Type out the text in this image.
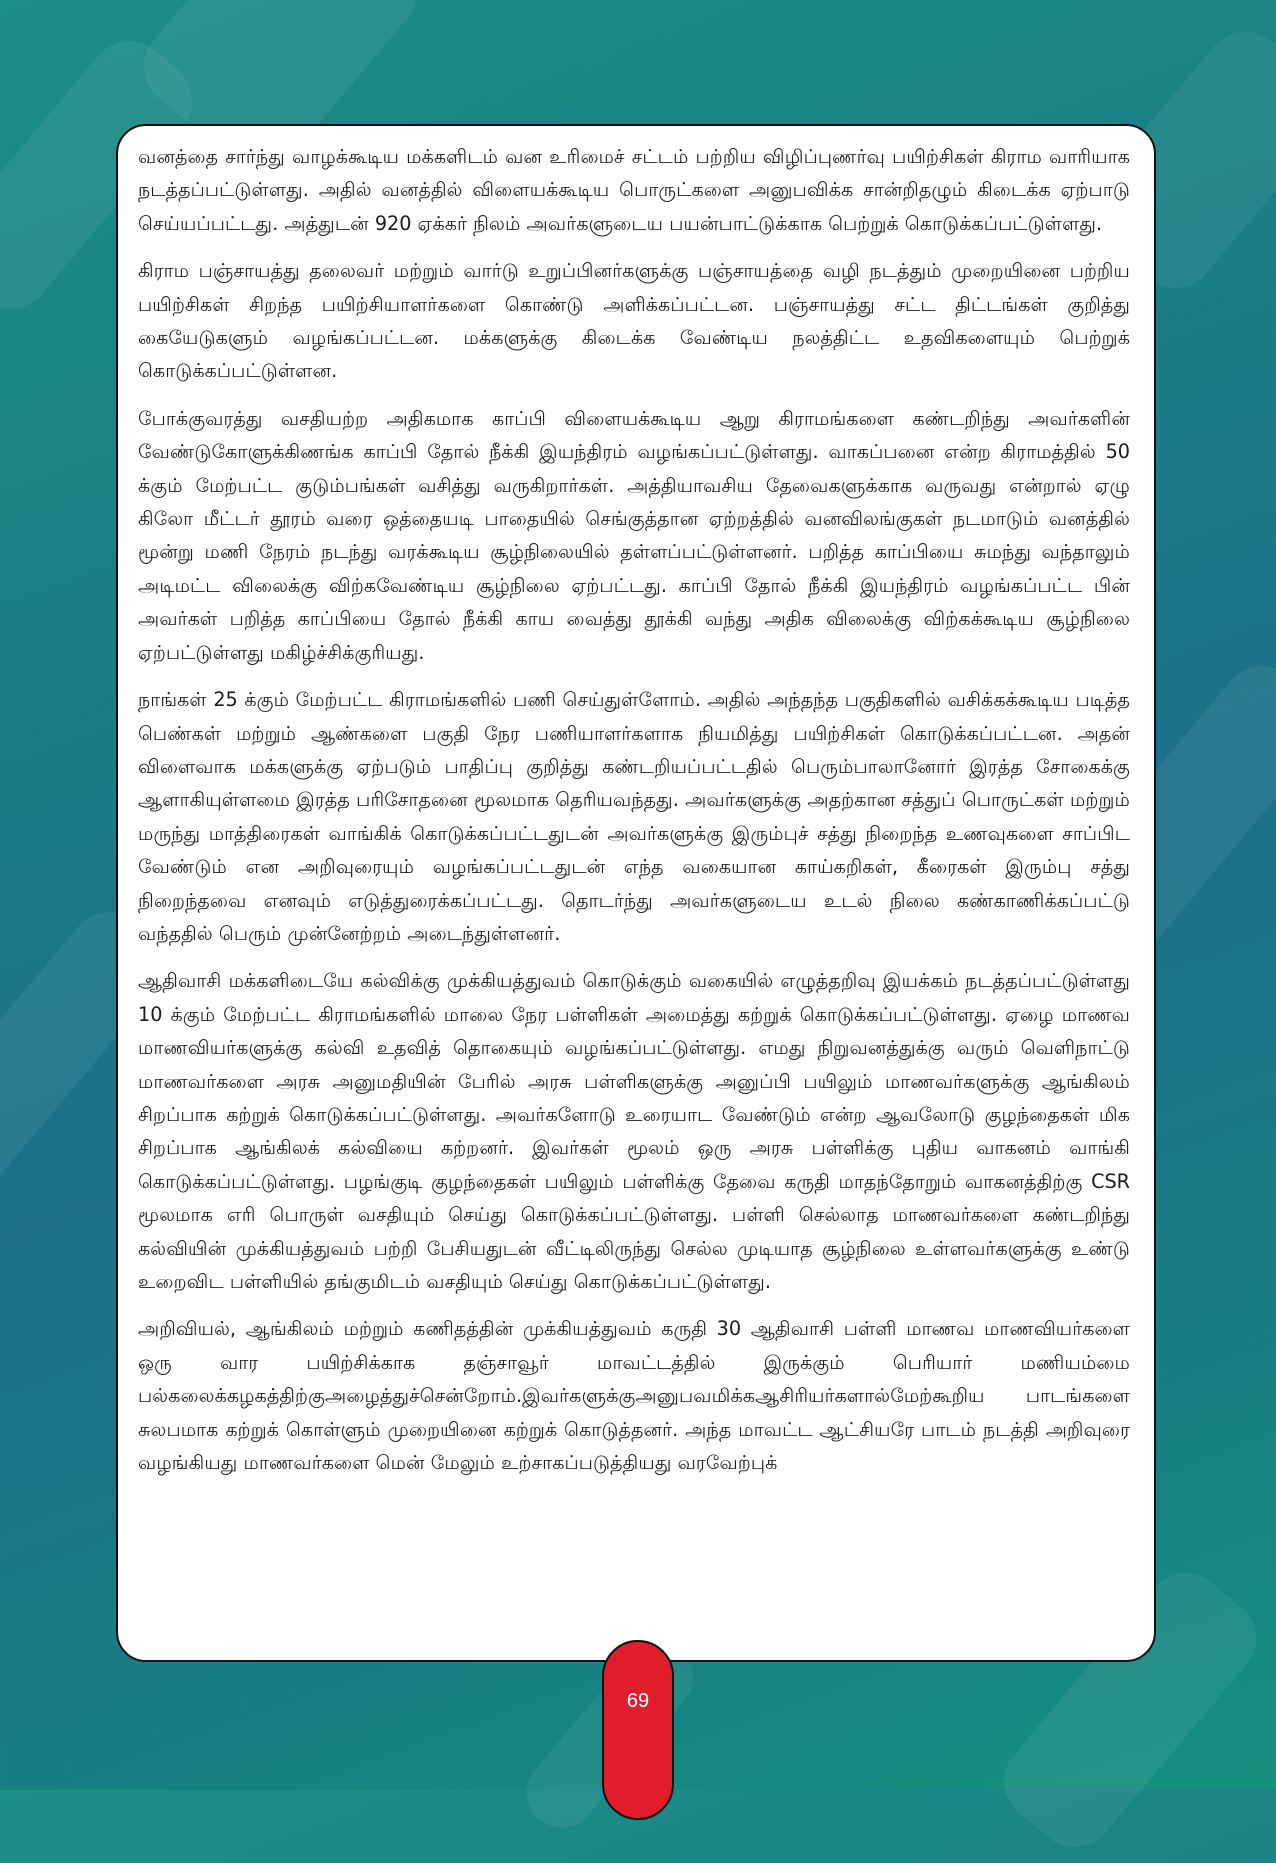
வனத்தை சார்ந்து வாழக்கூடிய மக்களிடம் வன உரிமைச் சட்டம் பற்றிய விழிப்புணர்வு பயிற்சிகள் கிராம வாரியாக நடத்தப்பட்டுள்ளது. அதில் வனத்தில் விளையக்கூடிய பொருட்களை அனுபவிக்க சான்றிதழும் கிடைக்க ஏற்பாடு செய்யப்பட்டது. அத்துடன் 920 ஏக்கர் நிலம் அவர்களுடைய பயன்பாட்டுக்காக பெற்றுக் கொடுக்கப்பட்டுள்ளது.

கிராம பஞ்சாயத்து தலைவர் மற்றும் வார்டு உறுப்பினர்களுக்கு பஞ்சாயத்தை வழி நடத்தும் முறையினை பற்றிய பயிற்சிகள் சிறந்த பயிற்சியாளர்களை கொண்டு அளிக்கப்பட்டன. பஞ்சாயத்து சட்ட திட்டங்கள் குறித்து கையேடுகளும் வழங்கப்பட்டன. மக்களுக்கு கிடைக்க வேண்டிய நலத்திட்ட உதவிகளையும் பெற்றுக் கொடுக்கப்பட்டுள்ளன.

போக்குவரத்து வசதியற்ற அதிகமாக காப்பி விளையக்கூடிய ஆறு கிராமங்களை கண்டறிந்து அவர்களின் வேண்டுகோளுக்கிணங்க காப்பி தோல் நீக்கி இயந்திரம் வழங்கப்பட்டுள்ளது. வாகப்பனை என்ற கிராமத்தில் 50 க்கும் மேற்பட்ட குடும்பங்கள் வசித்து வருகிறார்கள். அத்தியாவசிய தேவைகளுக்காக வருவது என்றால் ஏழு கிலோ மீட்டர் தூரம் வரை ஒத்தையடி பாதையில் செங்குத்தான ஏற்றத்தில் வனவிலங்குகள் நடமாடும் வனத்தில் மூன்று மணி நேரம் நடந்து வரக்கூடிய சூழ்நிலையில் தள்ளப்பட்டுள்ளனர். பறித்த காப்பியை சுமந்து வந்தாலும் அடிமட்ட விலைக்கு விற்கவேண்டிய சூழ்நிலை ஏற்பட்டது. காப்பி தோல் நீக்கி இயந்திரம் வழங்கப்பட்ட பின் அவர்கள் பறித்த காப்பியை தோல் நீக்கி காய வைத்து தூக்கி வந்து அதிக விலைக்கு விற்கக்கூடிய சூழ்நிலை ஏற்பட்டுள்ளது மகிழ்ச்சிக்குரியது.

நாங்கள் 25 க்கும் மேற்பட்ட கிராமங்களில் பணி செய்துள்ளோம். அதில் அந்தந்த பகுதிகளில் வசிக்கக்கூடிய படித்த பெண்கள் மற்றும் ஆண்களை பகுதி நேர பணியாளர்களாக நியமித்து பயிற்சிகள் கொடுக்கப்பட்டன. அதன் விளைவாக மக்களுக்கு ஏற்படும் பாதிப்பு குறித்து கண்டறியப்பட்டதில் பெரும்பாலானோர் இரத்த சோகைக்கு ஆளாகியுள்ளமை இரத்த பரிசோதனை மூலமாக தெரியவந்தது. அவர்களுக்கு அதற்கான சத்துப் பொருட்கள் மற்றும் மருந்து மாத்திரைகள் வாங்கிக் கொடுக்கப்பட்டதுடன் அவர்களுக்கு இரும்புச் சத்து நிறைந்த உணவுகளை சாப்பிட வேண்டும் என அறிவுரையும் வழங்கப்பட்டதுடன் எந்த வகையான காய்கறிகள், கீரைகள் இரும்பு சத்து நிறைந்தவை எனவும் எடுத்துரைக்கப்பட்டது. தொடர்ந்து அவர்களுடைய உடல் நிலை கண்காணிக்கப்பட்டு வந்ததில் பெரும் முன்னேற்றம் அடைந்துள்ளனர்.

ஆதிவாசி மக்களிடையே கல்விக்கு முக்கியத்துவம் கொடுக்கும் வகையில் எழுத்தறிவு இயக்கம் நடத்தப்பட்டுள்ளது 10 க்கும் மேற்பட்ட கிராமங்களில் மாலை நேர பள்ளிகள் அமைத்து கற்றுக் கொடுக்கப்பட்டுள்ளது. ஏழை மாணவ மாணவியர்களுக்கு கல்வி உதவித் தொகையும் வழங்கப்பட்டுள்ளது. எமது நிறுவனத்துக்கு வரும் வெளிநாட்டு மாணவர்களை அரசு அனுமதியின் பேரில் அரசு பள்ளிகளுக்கு அனுப்பி பயிலும் மாணவர்களுக்கு ஆங்கிலம் சிறப்பாக கற்றுக் கொடுக்கப்பட்டுள்ளது. அவர்களோடு உரையாட வேண்டும் என்ற ஆவலோடு குழந்தைகள் மிக சிறப்பாக ஆங்கிலக் கல்வியை கற்றனர். இவர்கள் மூலம் ஒரு அரசு பள்ளிக்கு புதிய வாகனம் வாங்கி கொடுக்கப்பட்டுள்ளது. பழங்குடி குழந்தைகள் பயிலும் பள்ளிக்கு தேவை கருதி மாதந்தோறும் வாகனத்திற்கு CSR மூலமாக எரி பொருள் வசதியும் செய்து கொடுக்கப்பட்டுள்ளது. பள்ளி செல்லாத மாணவர்களை கண்டறிந்து கல்வியின் முக்கியத்துவம் பற்றி பேசியதுடன் வீட்டிலிருந்து செல்ல முடியாத சூழ்நிலை உள்ளவர்களுக்கு உண்டு உறைவிட பள்ளியில் தங்குமிடம் வசதியும் செய்து கொடுக்கப்பட்டுள்ளது.

அறிவியல், ஆங்கிலம் மற்றும் கணிதத்தின் முக்கியத்துவம் கருதி 30 ஆதிவாசி பள்ளி மாணவ மாணவியர்களை ஒரு வார பயிற்சிக்காக தஞ்சாவூர் மாவட்டத்தில் இருக்கும் பெரியார் மணியம்மை பல்கலைக்கழகத்திற்குஅழைத்துச்சென்றோம்.இவர்களுக்குஅனுபவமிக்கஆசிரியர்களால்மேற்கூறிய பாடங்களை சுலபமாக கற்றுக் கொள்ளும் முறையினை கற்றுக் கொடுத்தனர். அந்த மாவட்ட ஆட்சியரே பாடம் நடத்தி அறிவுரை வழங்கியது மாணவர்களை மென் மேலும் உற்சாகப்படுத்தியது வரவேற்புக்

69
